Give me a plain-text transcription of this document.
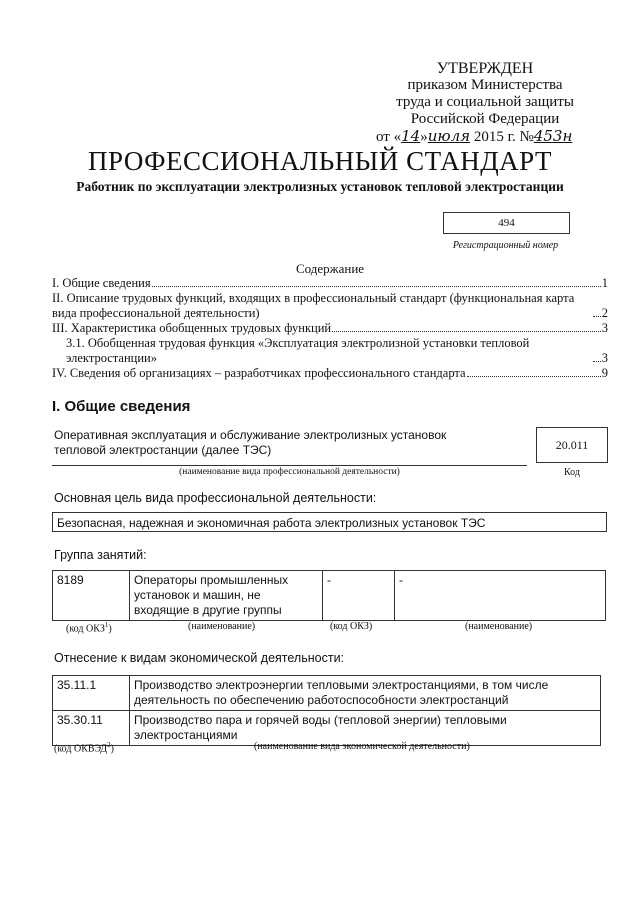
УТВЕРЖДЕН
приказом Министерства
труда и социальной защиты
Российской Федерации
от «14»июля 2015 г. №453н
ПРОФЕССИОНАЛЬНЫЙ СТАНДАРТ
Работник по эксплуатации электролизных установок тепловой электростанции
494
Регистрационный номер
Содержание
I. Общие сведения	1
II. Описание трудовых функций, входящих в профессиональный стандарт (функциональная карта вида профессиональной деятельности)	2
III. Характеристика обобщенных трудовых функций	3
3.1. Обобщенная трудовая функция «Эксплуатация электролизной установки тепловой электростанции»	3
IV. Сведения об организациях – разработчиках профессионального стандарта	9
I. Общие сведения
Оперативная эксплуатация и обслуживание электролизных установок тепловой электростанции (далее ТЭС)
(наименование вида профессиональной деятельности)
20.011
Код
Основная цель вида профессиональной деятельности:
Безопасная, надежная и экономичная работа электролизных установок ТЭС
Группа занятий:
8189	Операторы промышленных установок и машин, не входящие в другие группы	-	-
(код ОКЗ$^1$)	(наименование)	(код ОКЗ)	(наименование)
Отнесение к видам экономической деятельности:
35.11.1	Производство электроэнергии тепловыми электростанциями, в том числе деятельность по обеспечению работоспособности электростанций
35.30.11	Производство пара и горячей воды (тепловой энергии) тепловыми электростанциями
(код ОКВЭД$^2$)	(наименование вида экономической деятельности)
